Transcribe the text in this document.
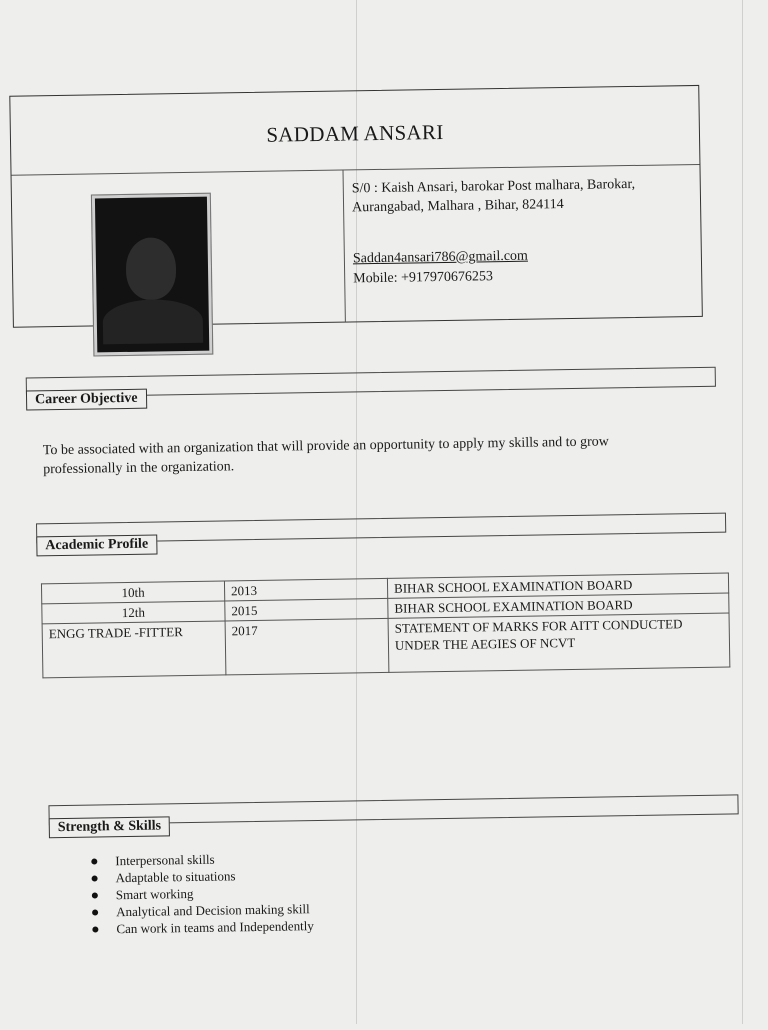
SADDAM ANSARI
S/0 : Kaish Ansari, barokar Post malhara, Barokar, Aurangabad, Malhara , Bihar, 824114
Saddan4ansari786@gmail.com
Mobile: +917970676253
Career Objective
To be associated with an organization that will provide an opportunity to apply my skills and to grow professionally in the organization.
Academic Profile
10th	2013	BIHAR SCHOOL EXAMINATION BOARD
12th	2015	BIHAR SCHOOL EXAMINATION BOARD
ENGG TRADE -FITTER	2017	STATEMENT OF MARKS FOR AITT CONDUCTED UNDER THE AEGIES OF NCVT
Strength & Skills
Interpersonal skills
Adaptable to situations
Smart working
Analytical and Decision making skill
Can work in teams and Independently
